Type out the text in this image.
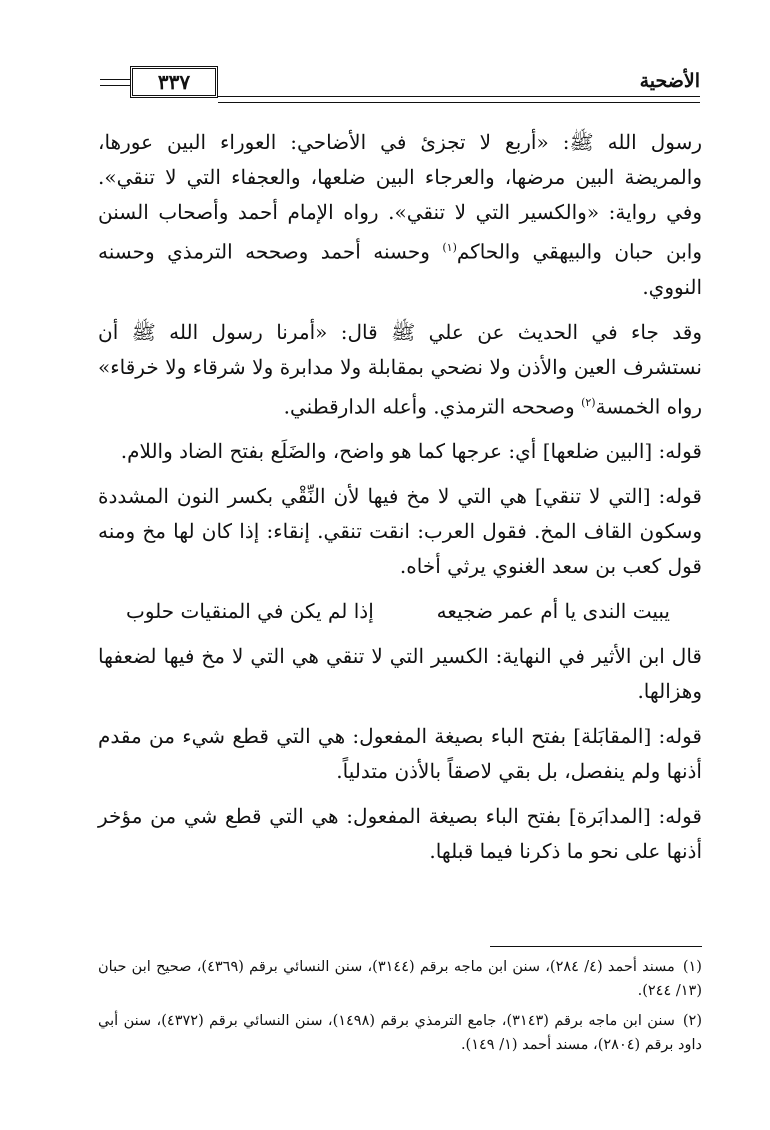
٣٣٧	الأضحية

رسول الله ﷺ: «أربع لا تجزئ في الأضاحي: العوراء البين عورها، والمريضة البين مرضها، والعرجاء البين ضلعها، والعجفاء التي لا تنقي». وفي رواية: «والكسير التي لا تنقي». رواه الإمام أحمد وأصحاب السنن وابن حبان والبيهقي والحاكم$^{(١)}$ وحسنه أحمد وصححه الترمذي وحسنه النووي.

وقد جاء في الحديث عن علي ﷺ قال: «أمرنا رسول الله ﷺ أن نستشرف العين والأذن ولا نضحي بمقابلة ولا مدابرة ولا شرقاء ولا خرقاء» رواه الخمسة$^{(٢)}$ وصححه الترمذي. وأعله الدارقطني.

قوله: [البين ضلعها] أي: عرجها كما هو واضح، والضَلَع بفتح الضاد واللام.

قوله: [التي لا تنقي] هي التي لا مخ فيها لأن النِّقْي بكسر النون المشددة وسكون القاف المخ. فقول العرب: انقت تنقي. إنقاء: إذا كان لها مخ ومنه قول كعب بن سعد الغنوي يرثي أخاه.

يبيت الندى يا أم عمر ضجيعه
إذا لم يكن في المنقيات حلوب

قال ابن الأثير في النهاية: الكسير التي لا تنقي هي التي لا مخ فيها لضعفها وهزالها.

قوله: [المقابَلة] بفتح الباء بصيغة المفعول: هي التي قطع شيء من مقدم أذنها ولم ينفصل، بل بقي لاصقاً بالأذن متدلياً.

قوله: [المدابَرة] بفتح الباء بصيغة المفعول: هي التي قطع شي من مؤخر أذنها على نحو ما ذكرنا فيما قبلها.

(١)مسند أحمد (٤/ ٢٨٤)، سنن ابن ماجه برقم (٣١٤٤)، سنن النسائي برقم (٤٣٦٩)، صحيح ابن حبان (١٣/ ٢٤٤).

(٢)سنن ابن ماجه برقم (٣١٤٣)، جامع الترمذي برقم (١٤٩٨)، سنن النسائي برقم (٤٣٧٢)، سنن أبي داود برقم (٢٨٠٤)، مسند أحمد (١/ ١٤٩).
